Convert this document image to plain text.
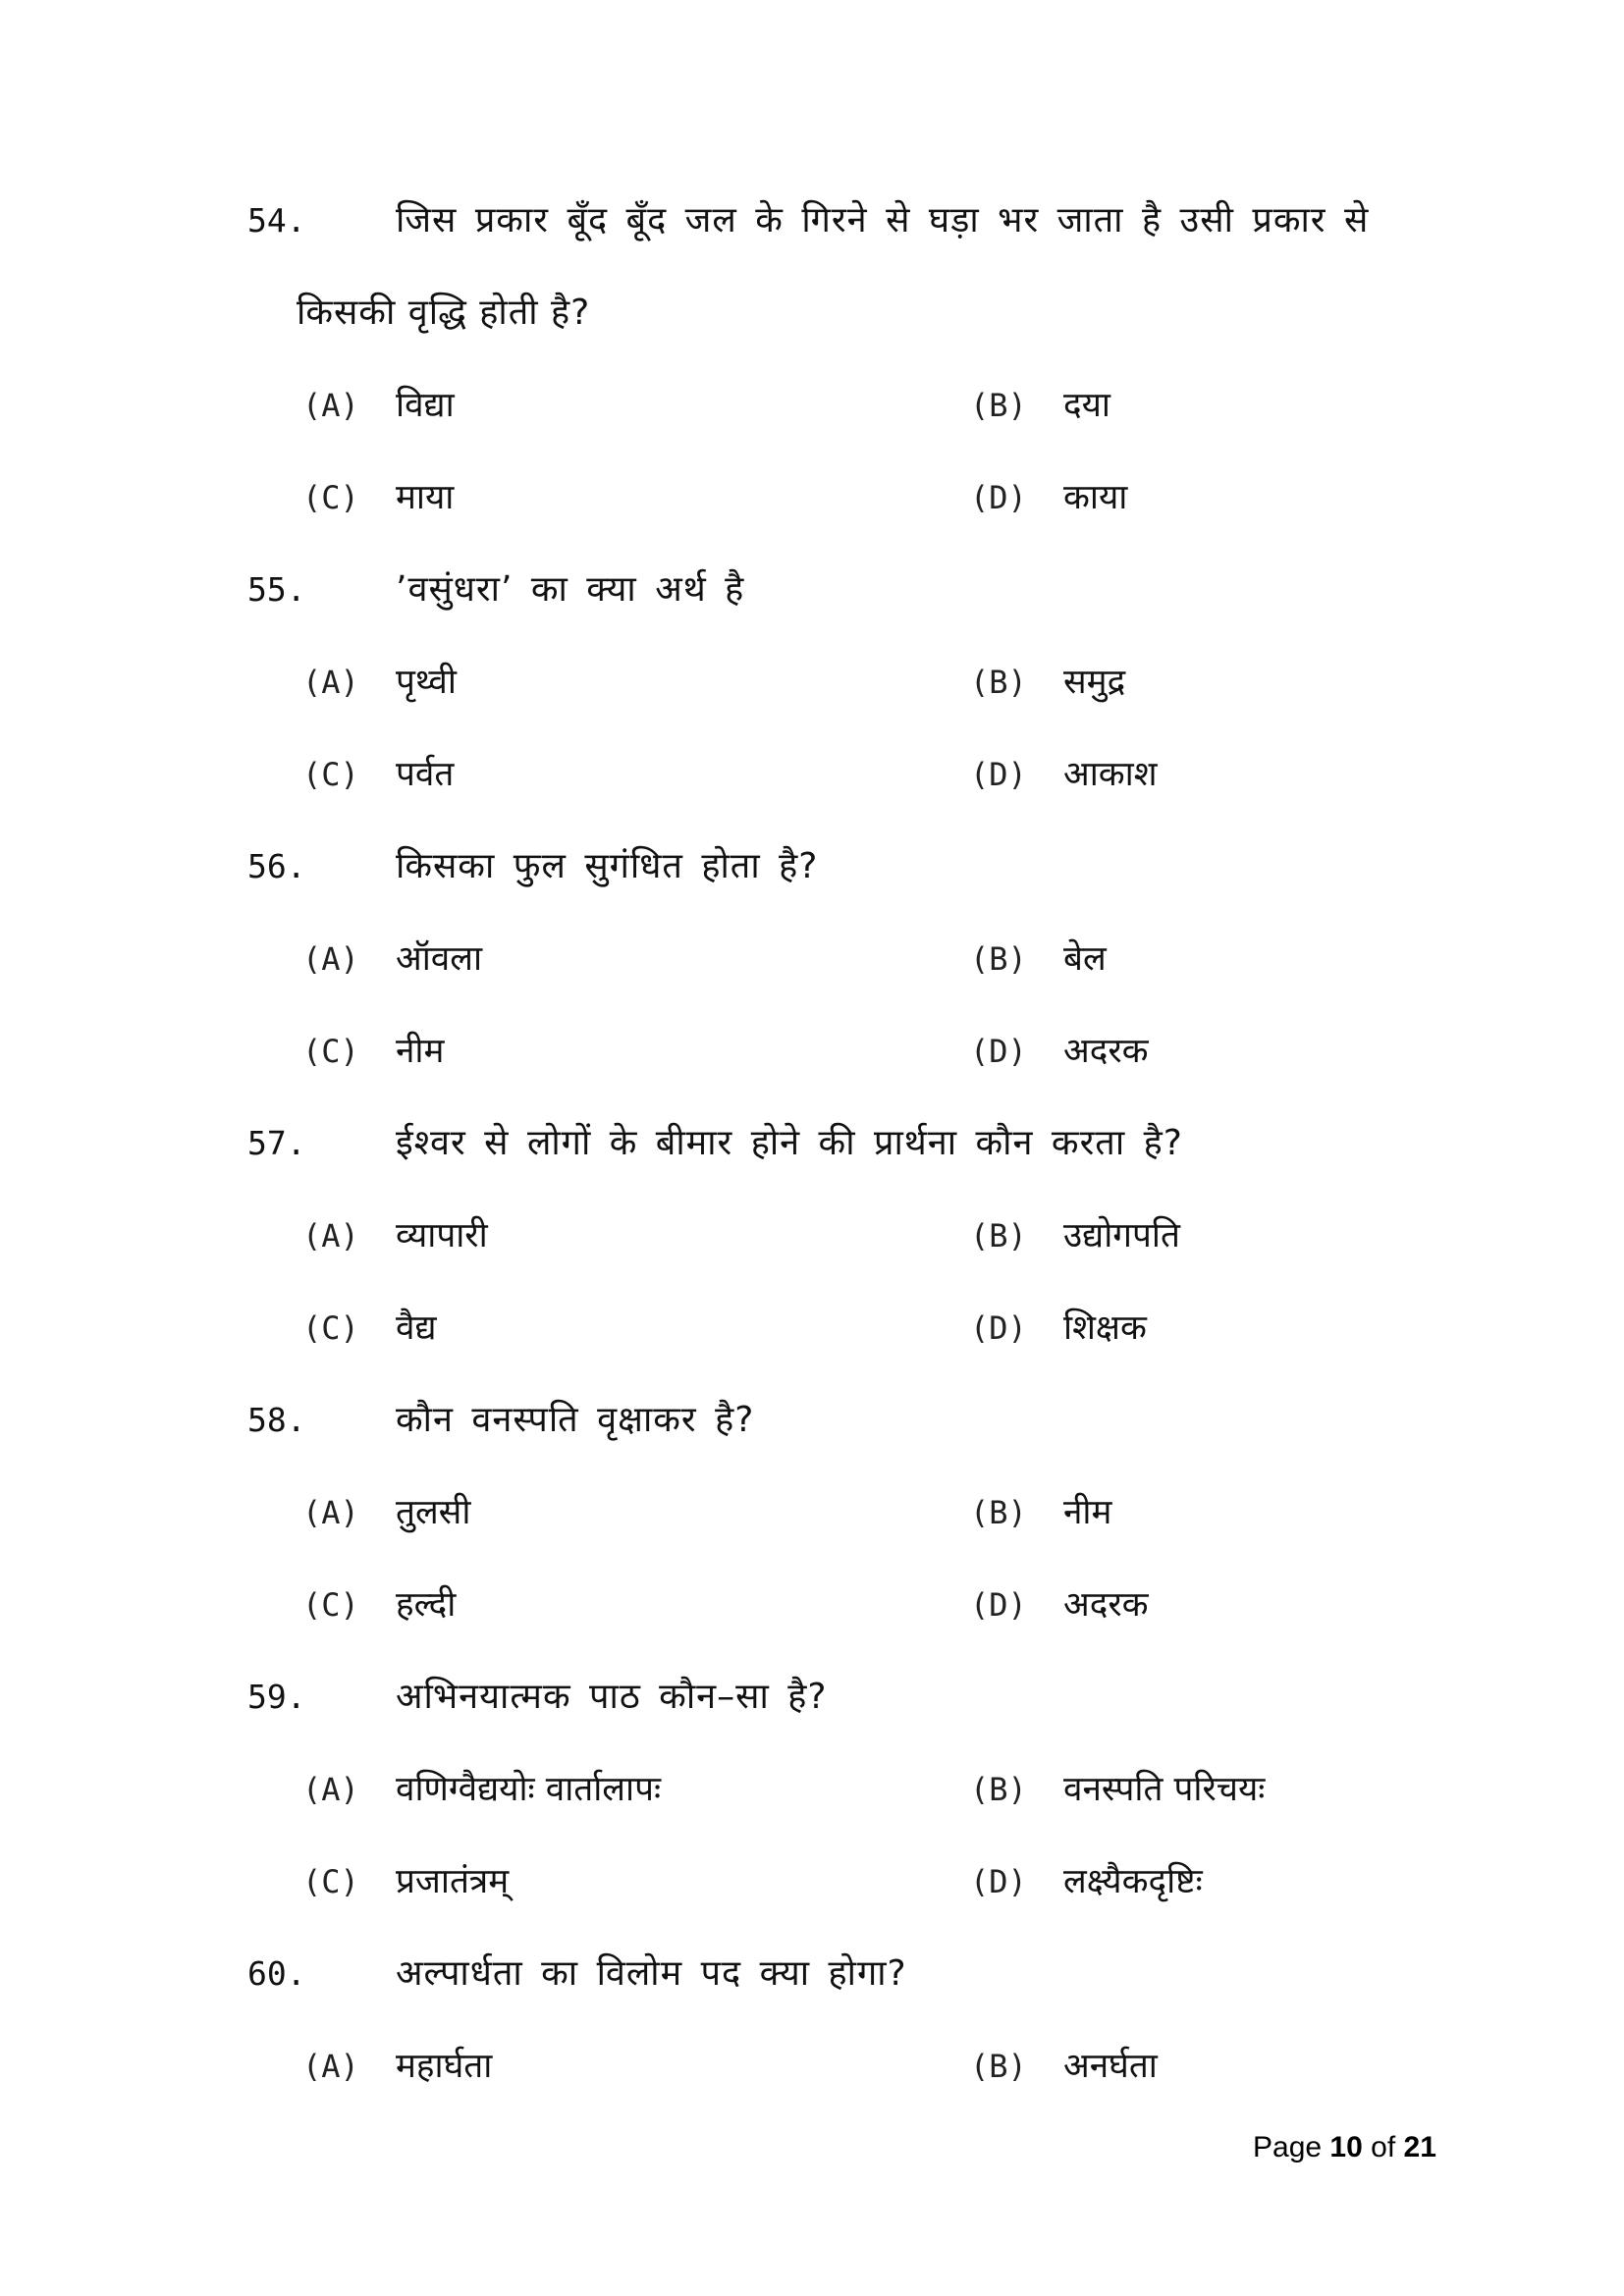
54.	जिस प्रकार बूँद बूँद जल के गिरने से घड़ा भर जाता है उसी प्रकार से
किसकी वृद्धि होती है?
(A) विद्या	(B) दया
(C) माया	(D) काया
55.	’वसुंधरा’ का क्या अर्थ है
(A) पृथ्वी	(B) समुद्र
(C) पर्वत	(D) आकाश
56.	किसका फुल सुगंधित होता है?
(A) ऑवला	(B) बेल
(C) नीम	(D) अदरक
57.	ईश्वर से लोगों के बीमार होने की प्रार्थना कौन करता है?
(A) व्यापारी	(B) उद्योगपति
(C) वैद्य	(D) शिक्षक
58.	कौन वनस्पति वृक्षाकर है?
(A) तुलसी	(B) नीम
(C) हल्दी	(D) अदरक
59.	अभिनयात्मक पाठ कौन–सा है?
(A) वणिग्वैद्ययोः वार्तालापः	(B) वनस्पति परिचयः
(C) प्रजातंत्रम्	(D) लक्ष्यैकदृष्टिः
60.	अल्पार्धता का विलोम पद क्या होगा?
(A) महार्घता	(B) अनर्घता
Page 10 of 21
